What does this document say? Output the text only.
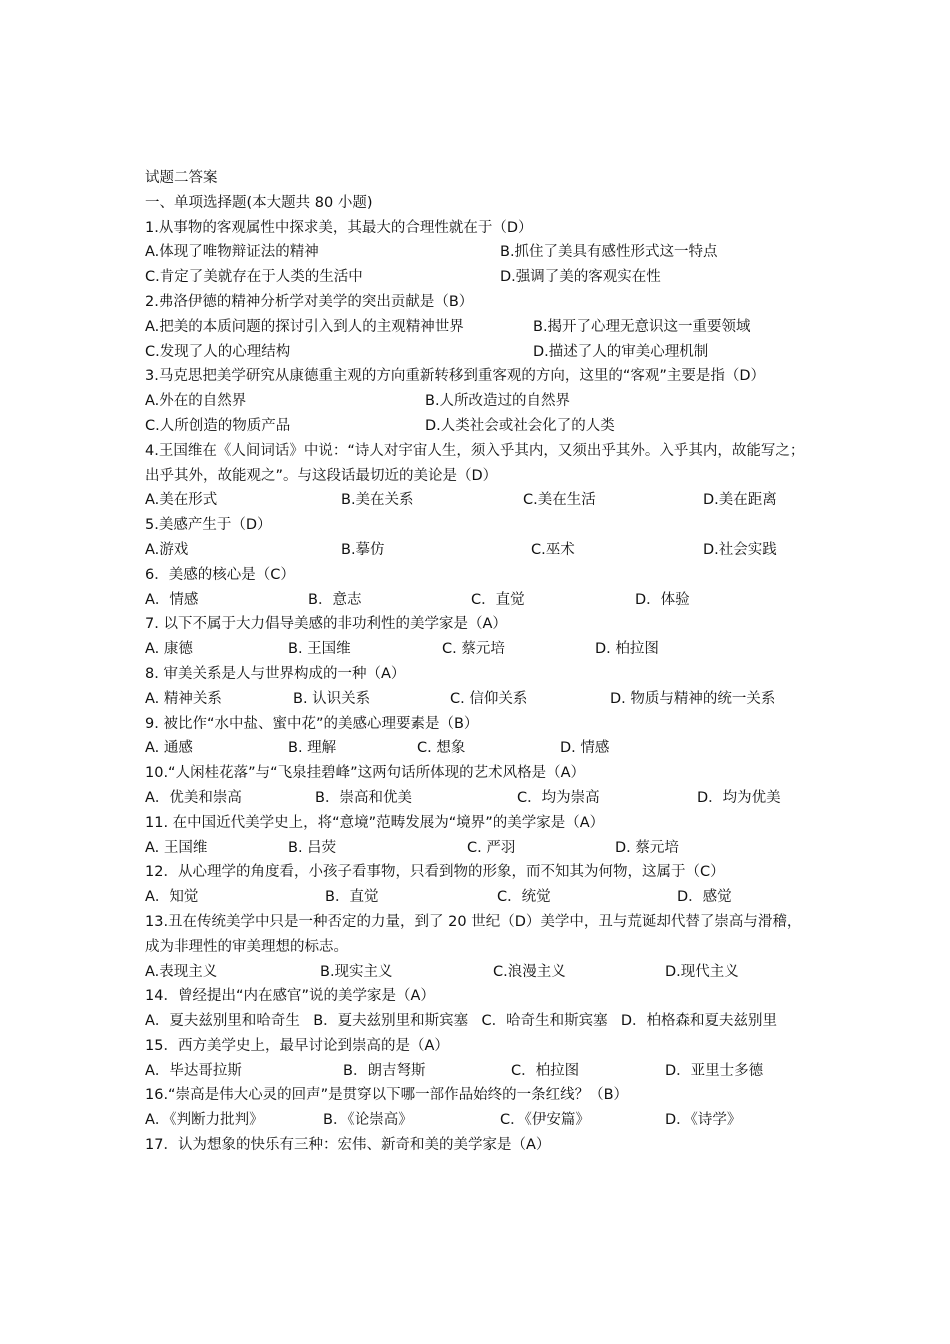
试题二答案
一、单项选择题(本大题共 80 小题)
1.从事物的客观属性中探求美，其最大的合理性就在于（D）
A.体现了唯物辩证法的精神	B.抓住了美具有感性形式这一特点
C.肯定了美就存在于人类的生活中	D.强调了美的客观实在性
2.弗洛伊德的精神分析学对美学的突出贡献是（B）
A.把美的本质问题的探讨引入到人的主观精神世界	B.揭开了心理无意识这一重要领域
C.发现了人的心理结构	D.描述了人的审美心理机制
3.马克思把美学研究从康德重主观的方向重新转移到重客观的方向，这里的“客观”主要是指（D）
A.外在的自然界	B.人所改造过的自然界
C.人所创造的物质产品	D.人类社会或社会化了的人类
4.王国维在《人间词话》中说：“诗人对宇宙人生，须入乎其内，又须出乎其外。入乎其内，故能写之；出乎其外，故能观之”。与这段话最切近的美论是（D）
A.美在形式	B.美在关系	C.美在生活	D.美在距离
5.美感产生于（D）
A.游戏	B.摹仿	C.巫术	D.社会实践
6．美感的核心是（C）
A．情感	B．意志	C．直觉	D．体验
7. 以下不属于大力倡导美感的非功利性的美学家是（A）
A. 康德	B. 王国维	C. 蔡元培	D. 柏拉图
8. 审美关系是人与世界构成的一种（A）
A. 精神关系	B. 认识关系	C. 信仰关系	D. 物质与精神的统一关系
9. 被比作“水中盐、蜜中花”的美感心理要素是（B）
A. 通感	B. 理解	C. 想象	D. 情感
10.“人闲桂花落”与“飞泉挂碧峰”这两句话所体现的艺术风格是（A）
A．优美和崇高	B．崇高和优美	C．均为崇高	D．均为优美
11. 在中国近代美学史上，将“意境”范畴发展为“境界”的美学家是（A）
A. 王国维	B. 吕荧	C. 严羽	D. 蔡元培
12．从心理学的角度看，小孩子看事物，只看到物的形象，而不知其为何物，这属于（C）
A．知觉	B．直觉	C．统觉	D．感觉
13.丑在传统美学中只是一种否定的力量，到了 20 世纪（D）美学中，丑与荒诞却代替了崇高与滑稽，成为非理性的审美理想的标志。
A.表现主义	B.现实主义	C.浪漫主义	D.现代主义
14．曾经提出“内在感官”说的美学家是（A）
A．夏夫兹别里和哈奇生 B．夏夫兹别里和斯宾塞 C．哈奇生和斯宾塞 D．柏格森和夏夫兹别里
15．西方美学史上，最早讨论到崇高的是（A）
A．毕达哥拉斯	B．朗吉弩斯	C．柏拉图	D．亚里士多德
16.“崇高是伟大心灵的回声”是贯穿以下哪一部作品始终的一条红线？（B）
A．《判断力批判》	B．《论崇高》	C．《伊安篇》	D．《诗学》
17．认为想象的快乐有三种：宏伟、新奇和美的美学家是（A）
